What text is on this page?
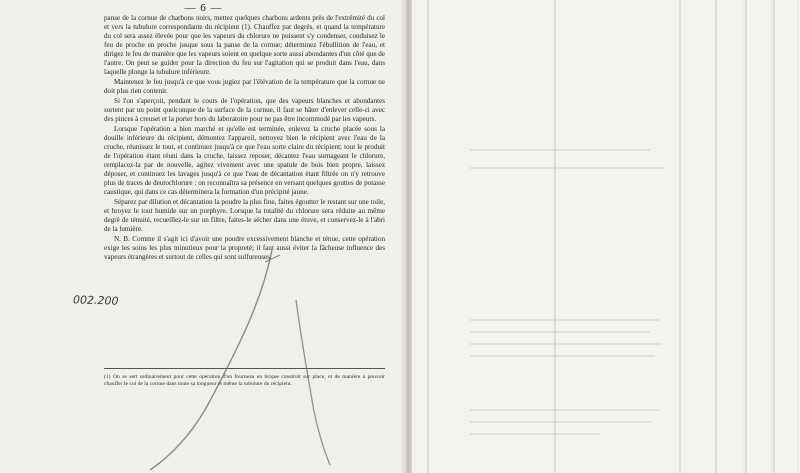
— 6 —

panse de la cornue de charbons noirs, mettez quelques charbons ardents près de l'extrémité du col et vers la tubulure correspondante du récipient (1). Chauffez par degrés, et quand la température du col sera assez élevée pour que les vapeurs du chlorure ne puissent s'y condenser, conduisez le feu de proche en proche jusque sous la panse de la cornue; déterminez l'ébullition de l'eau, et dirigez le feu de manière que les vapeurs soient en quelque sorte aussi abondantes d'un côté que de l'autre. On peut se guider pour la direction du feu sur l'agitation qui se produit dans l'eau, dans laquelle plonge la tubulure inférieure.

Maintenez le feu jusqu'à ce que vous jugiez par l'élévation de la température que la cornue ne doit plus rien contenir.

Si l'on s'aperçoit, pendant le cours de l'opération, que des vapeurs blanches et abondantes sortent par un point quelconque de la surface de la cornue, il faut se hâter d'enlever celle-ci avec des pinces à creuset et la porter hors du laboratoire pour ne pas être incommodé par les vapeurs.

Lorsque l'opération a bien marché et qu'elle est terminée, enlevez la cruche placée sous la douille inférieure du récipient, démontez l'appareil, nettoyez bien le récipient avec l'eau de la cruche, réunissez le tout, et continuez jusqu'à ce que l'eau sorte claire du récipient; tout le produit de l'opération étant réuni dans la cruche, laissez reposer, décantez l'eau surnageant le chlorure, remplacez-la par de nouvelle, agitez vivement avec une spatule de bois bien propre, laissez déposer, et continuez les lavages jusqu'à ce que l'eau de décantation étant filtrée on n'y retrouve plus de traces de deutochlorure : on reconnaîtra sa présence en versant quelques gouttes de potasse caustique, qui dans ce cas déterminera la formation d'un précipité jaune.

Séparez par dilution et décantation la poudre la plus fine, faites égoutter le restant sur une toile, et broyez le tout humide sur un porphyre. Lorsque la totalité du chlorure sera réduite au même degré de ténuité, recueillez-le sur un filtre, faites-le sécher dans une étuve, et conservez-le à l'abri de la lumière.

N. B. Comme il s'agit ici d'avoir une poudre excessivement blanche et ténue, cette opération exige les soins les plus minutieux pour la propreté; il faut aussi éviter la fâcheuse influence des vapeurs étrangères et surtout de celles qui sont sulfureuses.

(1) On se sert ordinairement pour cette opération d'un fourneau en brique construit sur place, et de manière à pouvoir chauffer le col de la cornue dans toute sa longueur et même la tubulure du récipient.
002.200
